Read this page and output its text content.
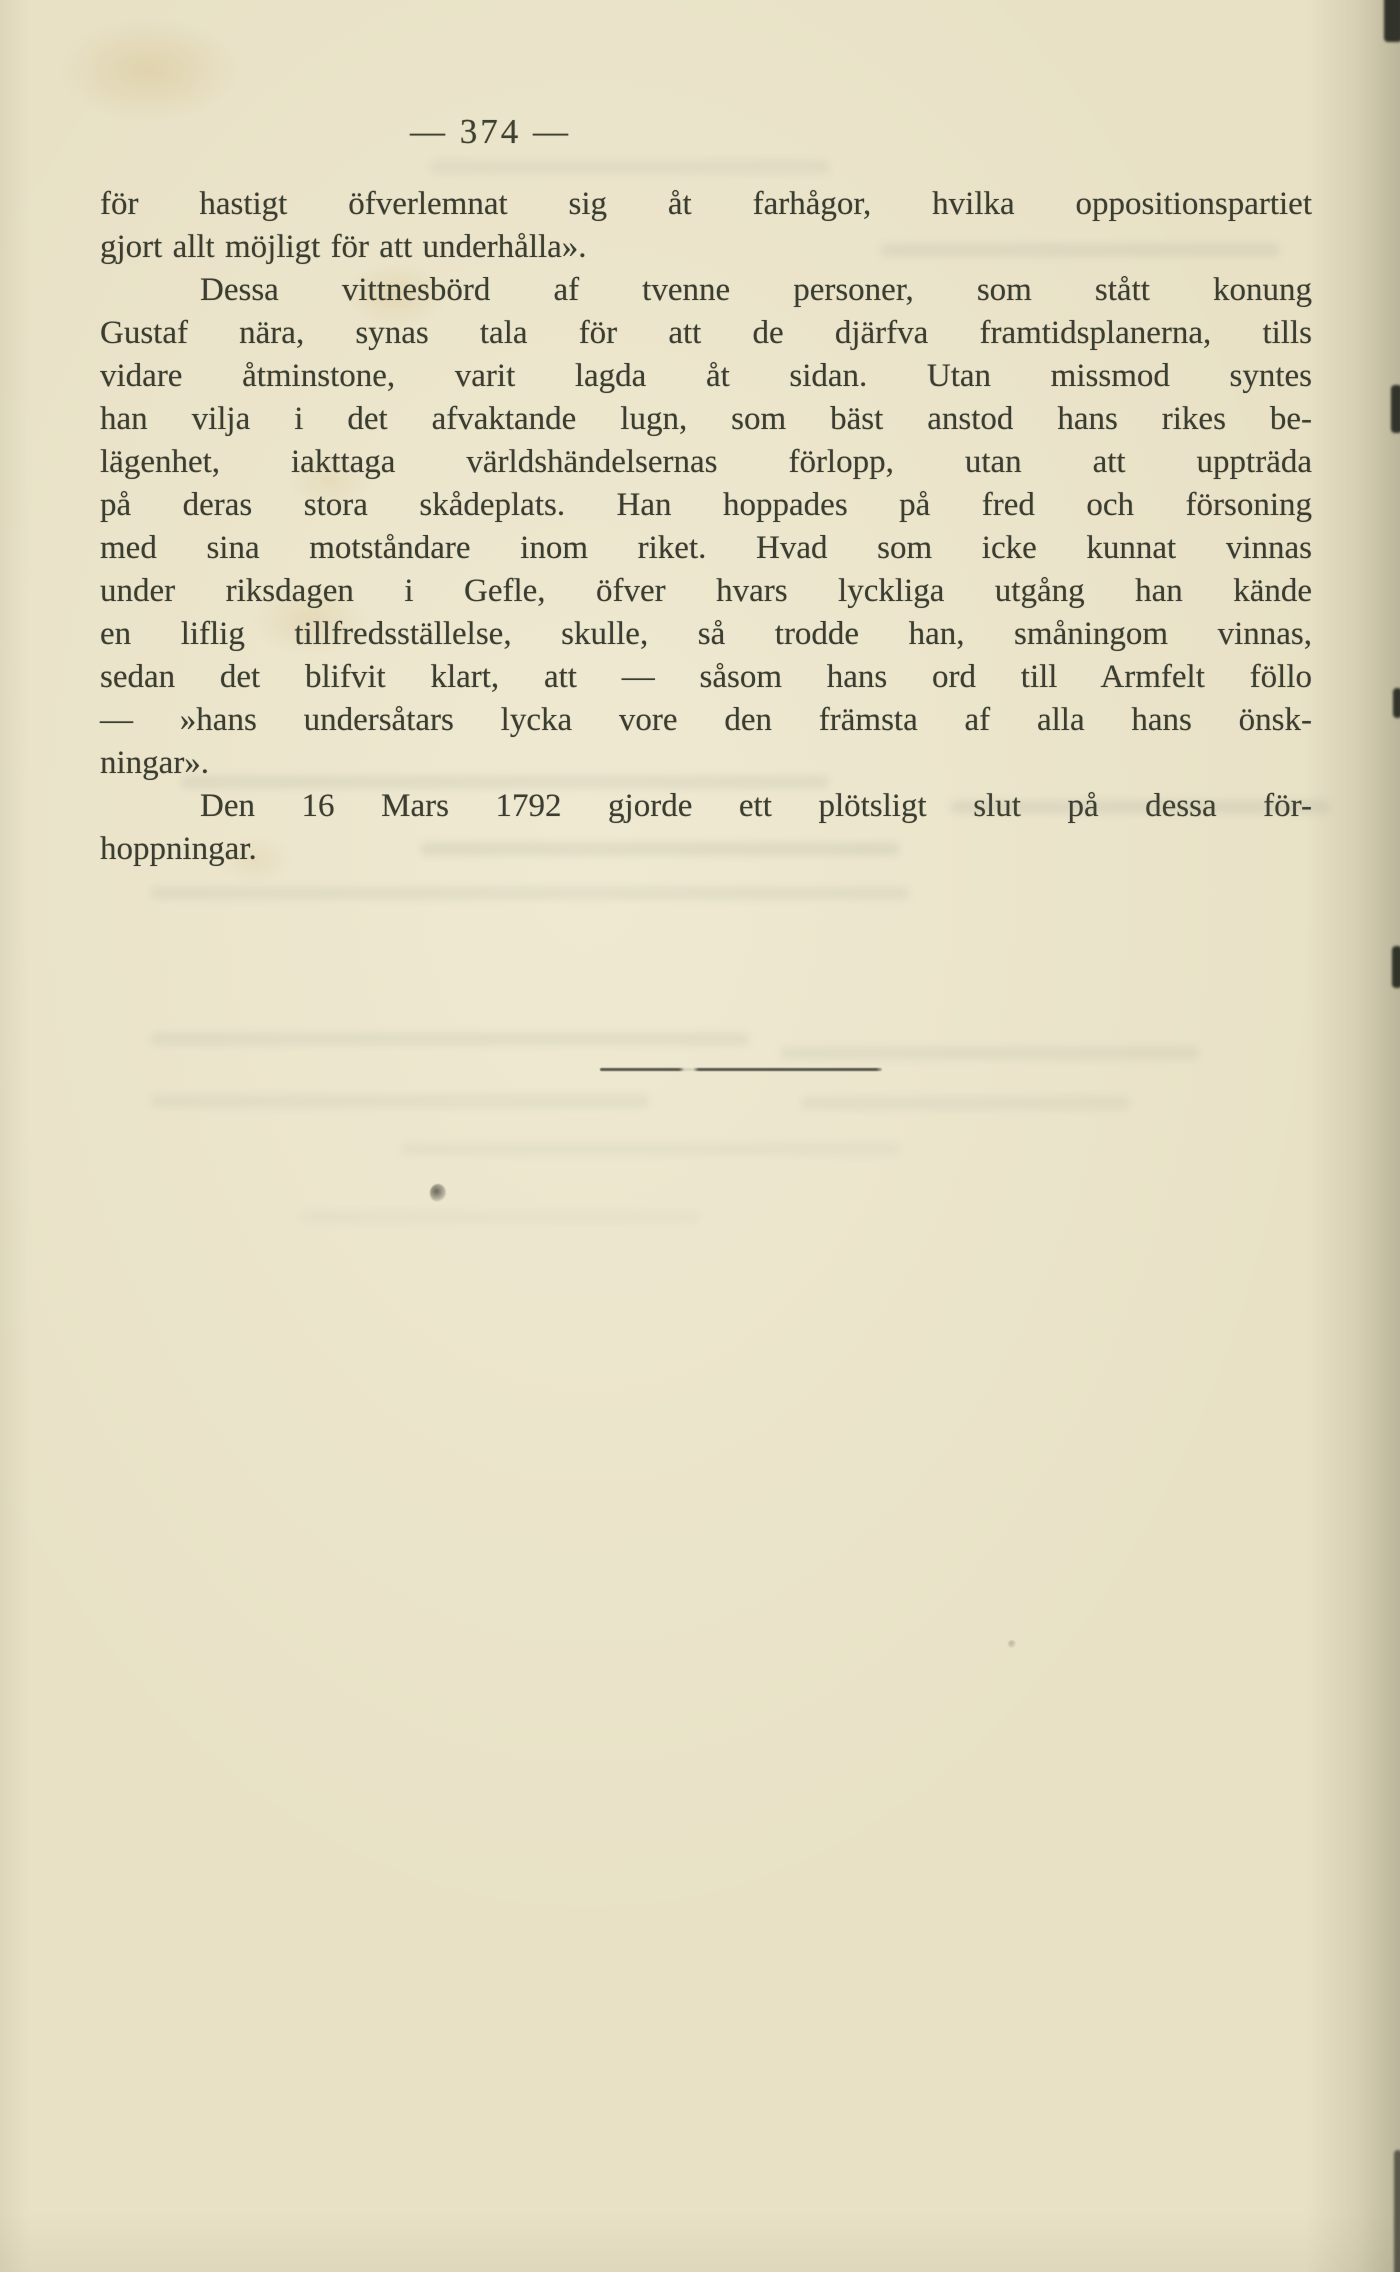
— 374 —
för hastigt öfverlemnat sig åt farhågor, hvilka oppositionspartiet
gjort allt möjligt för att underhålla».
Dessa vittnesbörd af tvenne personer, som stått konung
Gustaf nära, synas tala för att de djärfva framtidsplanerna, tills
vidare åtminstone, varit lagda åt sidan. Utan missmod syntes
han vilja i det afvaktande lugn, som bäst anstod hans rikes be-
lägenhet, iakttaga världshändelsernas förlopp, utan att uppträda
på deras stora skådeplats. Han hoppades på fred och försoning
med sina motståndare inom riket. Hvad som icke kunnat vinnas
under riksdagen i Gefle, öfver hvars lyckliga utgång han kände
en liflig tillfredsställelse, skulle, så trodde han, småningom vinnas,
sedan det blifvit klart, att — såsom hans ord till Armfelt föllo
— »hans undersåtars lycka vore den främsta af alla hans önsk-
ningar».
Den 16 Mars 1792 gjorde ett plötsligt slut på dessa för-
hoppningar.
